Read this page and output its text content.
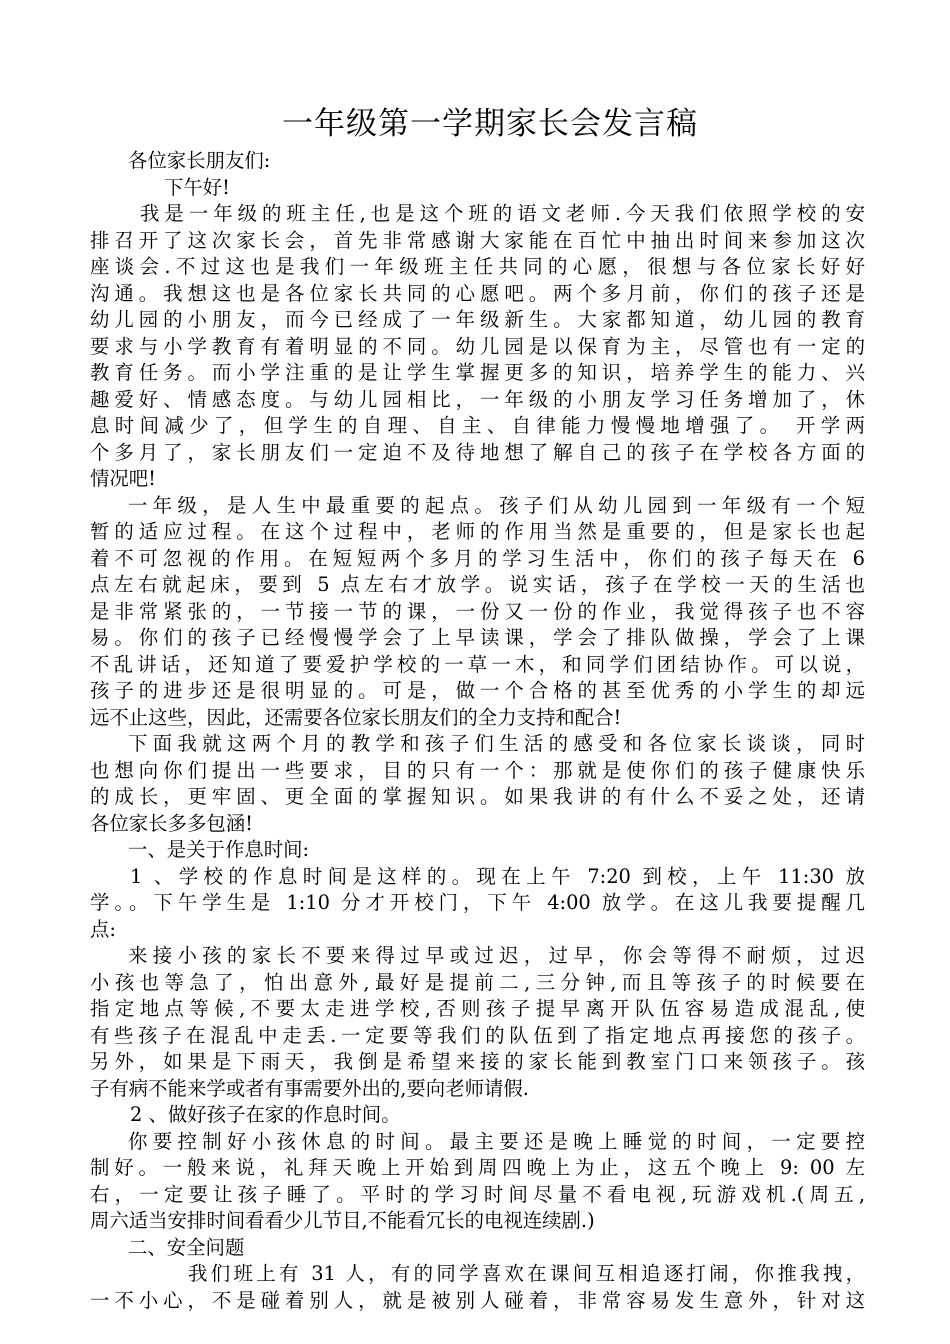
一年级第一学期家长会发言稿
各位家长朋友们:
下午好!
我是一年级的班主任,也是这个班的语文老师.今天我们依照学校的安
排召开了这次家长会，首先非常感谢大家能在百忙中抽出时间来参加这次
座谈会.不过这也是我们一年级班主任共同的心愿，很想与各位家长好好
沟通。我想这也是各位家长共同的心愿吧。两个多月前，你们的孩子还是
幼儿园的小朋友，而今已经成了一年级新生。大家都知道，幼儿园的教育
要求与小学教育有着明显的不同。幼儿园是以保育为主，尽管也有一定的
教育任务。而小学注重的是让学生掌握更多的知识，培养学生的能力、兴
趣爱好、情感态度。与幼儿园相比，一年级的小朋友学习任务增加了，休
息时间减少了，但学生的自理、自主、自律能力慢慢地增强了。 开学两
个多月了，家长朋友们一定迫不及待地想了解自己的孩子在学校各方面的
情况吧!
一年级，是人生中最重要的起点。孩子们从幼儿园到一年级有一个短
暂的适应过程。在这个过程中，老师的作用当然是重要的，但是家长也起
着不可忽视的作用。在短短两个多月的学习生活中，你们的孩子每天在 6
点左右就起床，要到 5 点左右才放学。说实话，孩子在学校一天的生活也
是非常紧张的，一节接一节的课，一份又一份的作业，我觉得孩子也不容
易。你们的孩子已经慢慢学会了上早读课，学会了排队做操，学会了上课
不乱讲话，还知道了要爱护学校的一草一木，和同学们团结协作。可以说，
孩子的进步还是很明显的。可是，做一个合格的甚至优秀的小学生的却远
远不止这些，因此，还需要各位家长朋友们的全力支持和配合!
下面我就这两个月的教学和孩子们生活的感受和各位家长谈谈，同时
也想向你们提出一些要求，目的只有一个：那就是使你们的孩子健康快乐
的成长，更牢固、更全面的掌握知识。如果我讲的有什么不妥之处，还请
各位家长多多包涵!
一、是关于作息时间:
1 、学校的作息时间是这样的。现在上午 7:20 到校，上午 11:30 放
学。。下午学生是 1:10 分才开校门，下午 4:00 放学。在这儿我要提醒几
点:
来接小孩的家长不要来得过早或过迟，过早，你会等得不耐烦，过迟
小孩也等急了，怕出意外,最好是提前二,三分钟,而且等孩子的时候要在
指定地点等候,不要太走进学校,否则孩子提早离开队伍容易造成混乱,使
有些孩子在混乱中走丢.一定要等我们的队伍到了指定地点再接您的孩子。
另外，如果是下雨天，我倒是希望来接的家长能到教室门口来领孩子。孩
子有病不能来学或者有事需要外出的,要向老师请假.
2 、做好孩子在家的作息时间。
你要控制好小孩休息的时间。最主要还是晚上睡觉的时间，一定要控
制好。一般来说，礼拜天晚上开始到周四晚上为止，这五个晚上 9: 00 左
右，一定要让孩子睡了。平时的学习时间尽量不看电视,玩游戏机.(周五,
周六适当安排时间看看少儿节目,不能看冗长的电视连续剧.)
二、安全问题
我们班上有 31 人，有的同学喜欢在课间互相追逐打闹，你推我拽，
一不小心，不是碰着别人，就是被别人碰着，非常容易发生意外，针对这
